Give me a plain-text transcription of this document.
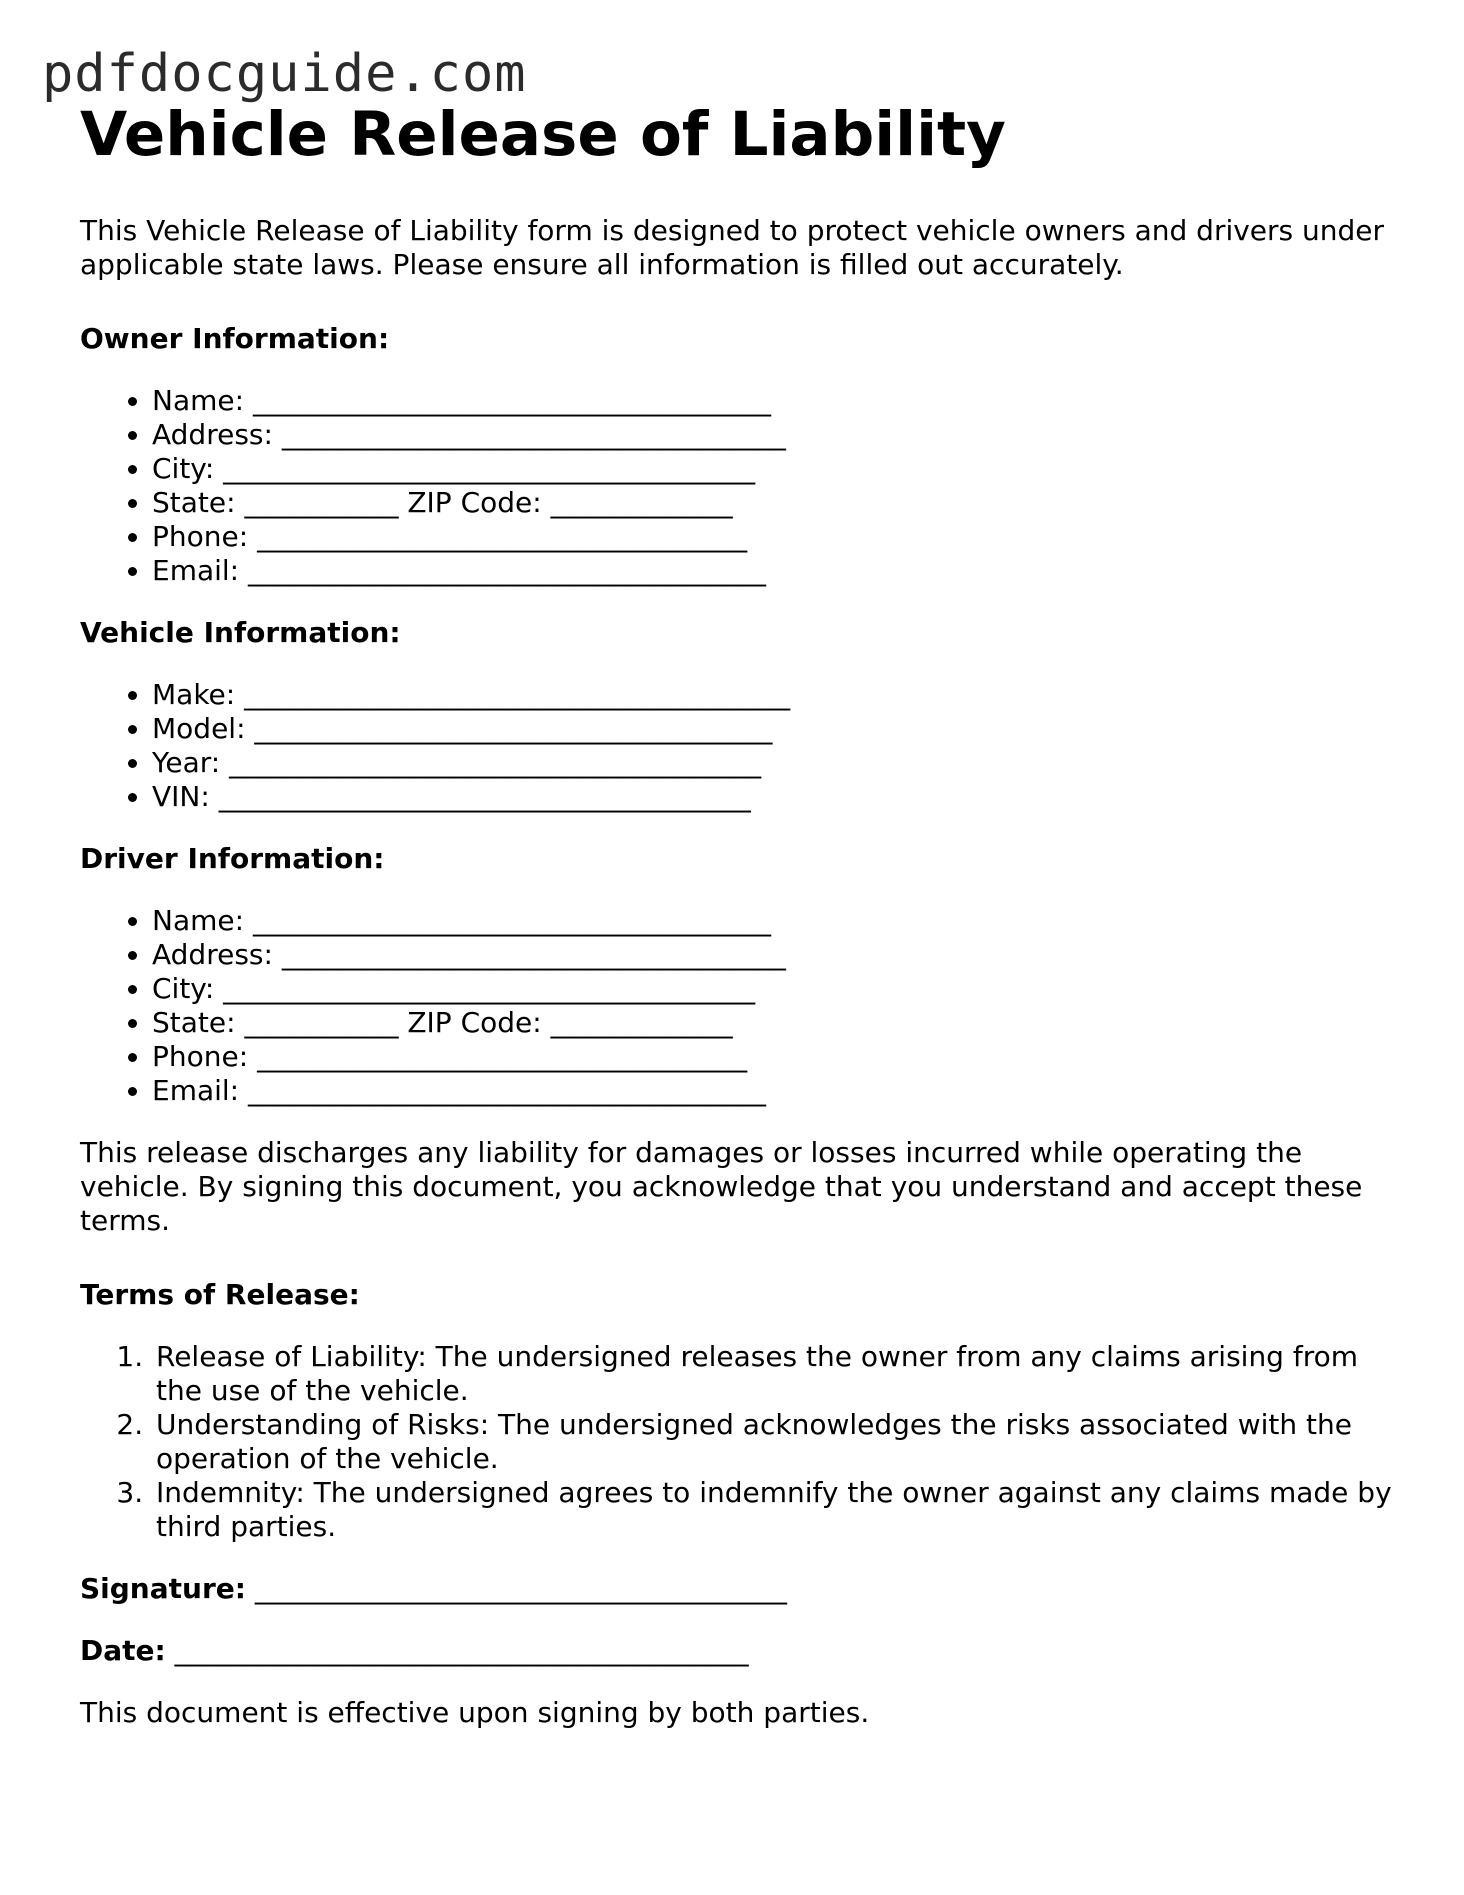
pdfdocguide.com
Vehicle Release of Liability

This Vehicle Release of Liability form is designed to protect vehicle owners and drivers under applicable state laws. Please ensure all information is filled out accurately.

Owner Information:
• Name: _____________________________________
• Address: ____________________________________
• City: ______________________________________
• State: ___________ ZIP Code: _____________
• Phone: ___________________________________
• Email: _____________________________________
Vehicle Information:
• Make: _______________________________________
• Model: _____________________________________
• Year: ______________________________________
• VIN: ______________________________________
Driver Information:
• Name: _____________________________________
• Address: ____________________________________
• City: ______________________________________
• State: ___________ ZIP Code: _____________
• Phone: ___________________________________
• Email: _____________________________________

This release discharges any liability for damages or losses incurred while operating the vehicle. By signing this document, you acknowledge that you understand and accept these terms.

Terms of Release:
1. Release of Liability: The undersigned releases the owner from any claims arising from the use of the vehicle.
2. Understanding of Risks: The undersigned acknowledges the risks associated with the operation of the vehicle.
3. Indemnity: The undersigned agrees to indemnify the owner against any claims made by third parties.
Signature: ______________________________________
Date: _________________________________________

This document is effective upon signing by both parties.
